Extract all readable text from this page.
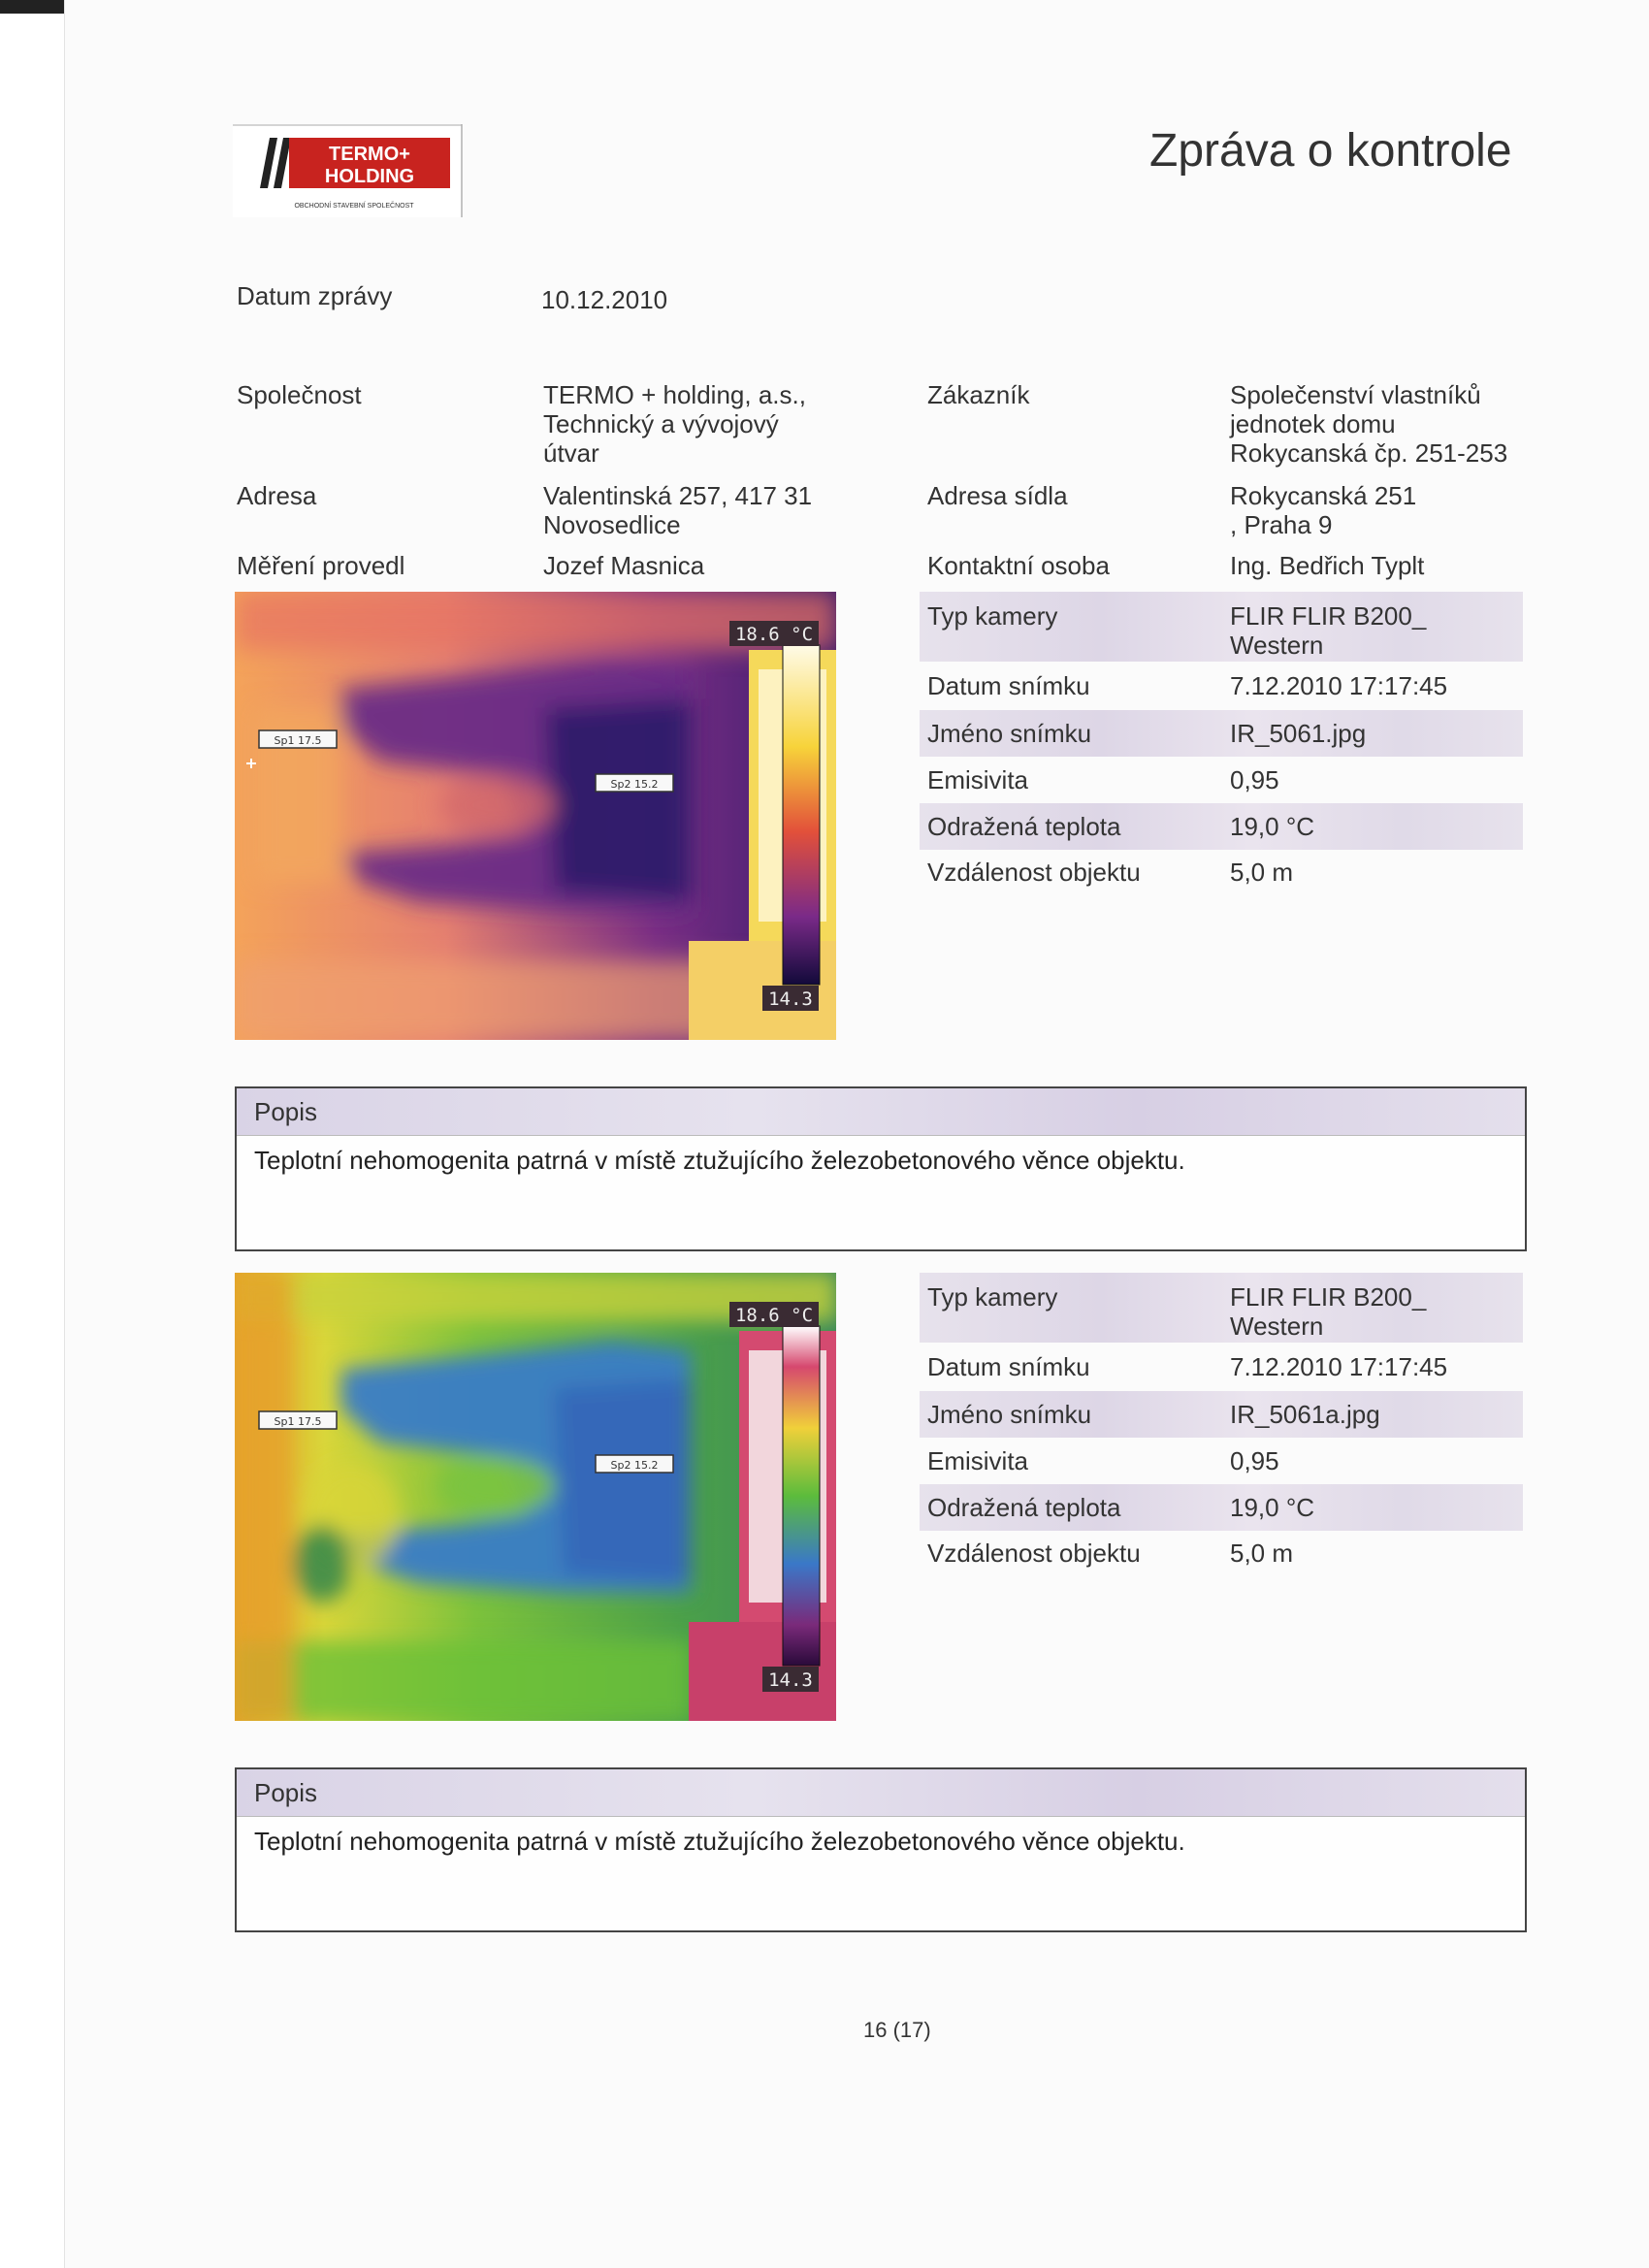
TERMO+
HOLDING
OBCHODNÍ STAVEBNÍ SPOLEČNOST
Zpráva o kontrole
Datum zprávy	10.12.2010
Společnost	TERMO + holding, a.s.,
Technický a vývojový
útvar
Adresa	Valentinská 257, 417 31
Novosedlice
Měření provedl	Jozef Masnica
Zákazník	Společenství vlastníků
jednotek domu
Rokycanská čp. 251-253
Adresa sídla	Rokycanská 251
, Praha 9
Kontaktní osoba	Ing. Bedřich Typlt
18.6 °C
14.3
Sp1 17.5
Sp2 15.2
Typ kamery	FLIR FLIR B200_
Western
Datum snímku	7.12.2010 17:17:45
Jméno snímku	IR_5061.jpg
Emisivita	0,95
Odražená teplota	19,0 °C
Vzdálenost objektu	5,0 m
Popis
Teplotní nehomogenita patrná v místě ztužujícího železobetonového věnce objektu.
18.6 °C
14.3
Sp1 17.5
Sp2 15.2
Typ kamery	FLIR FLIR B200_
Western
Datum snímku	7.12.2010 17:17:45
Jméno snímku	IR_5061a.jpg
Emisivita	0,95
Odražená teplota	19,0 °C
Vzdálenost objektu	5,0 m
Popis
Teplotní nehomogenita patrná v místě ztužujícího železobetonového věnce objektu.
16 (17)
